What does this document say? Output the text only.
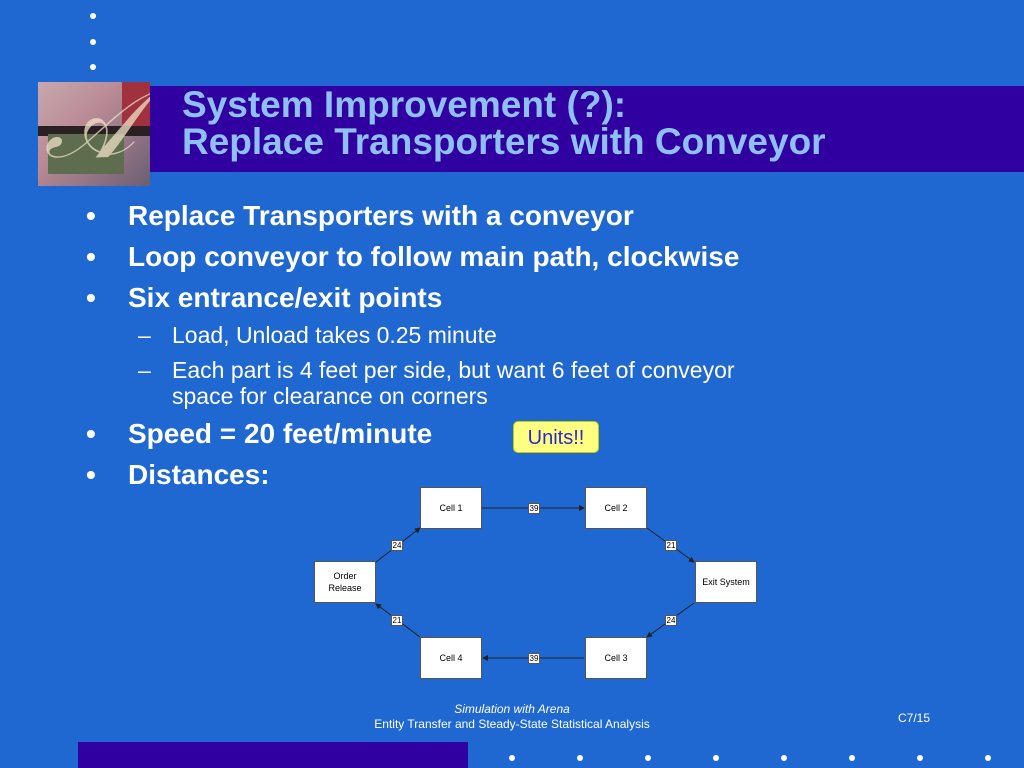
𝒜 System Improvement (?):
Replace Transporters with Conveyor
• Replace Transporters with a conveyor
• Loop conveyor to follow main path, clockwise
• Six entrance/exit points
– Load, Unload takes 0.25 minute
– Each part is 4 feet per side, but want 6 feet of conveyor
space for clearance on corners
• Speed = 20 feet/minute	Units!!
• Distances:
Cell 1	Cell 2
Cell 3
Cell 4
Order
Release
Exit System
39
21
24
39
21
24
Simulation with Arena
Entity Transfer and Steady-State Statistical Analysis	C7/15
